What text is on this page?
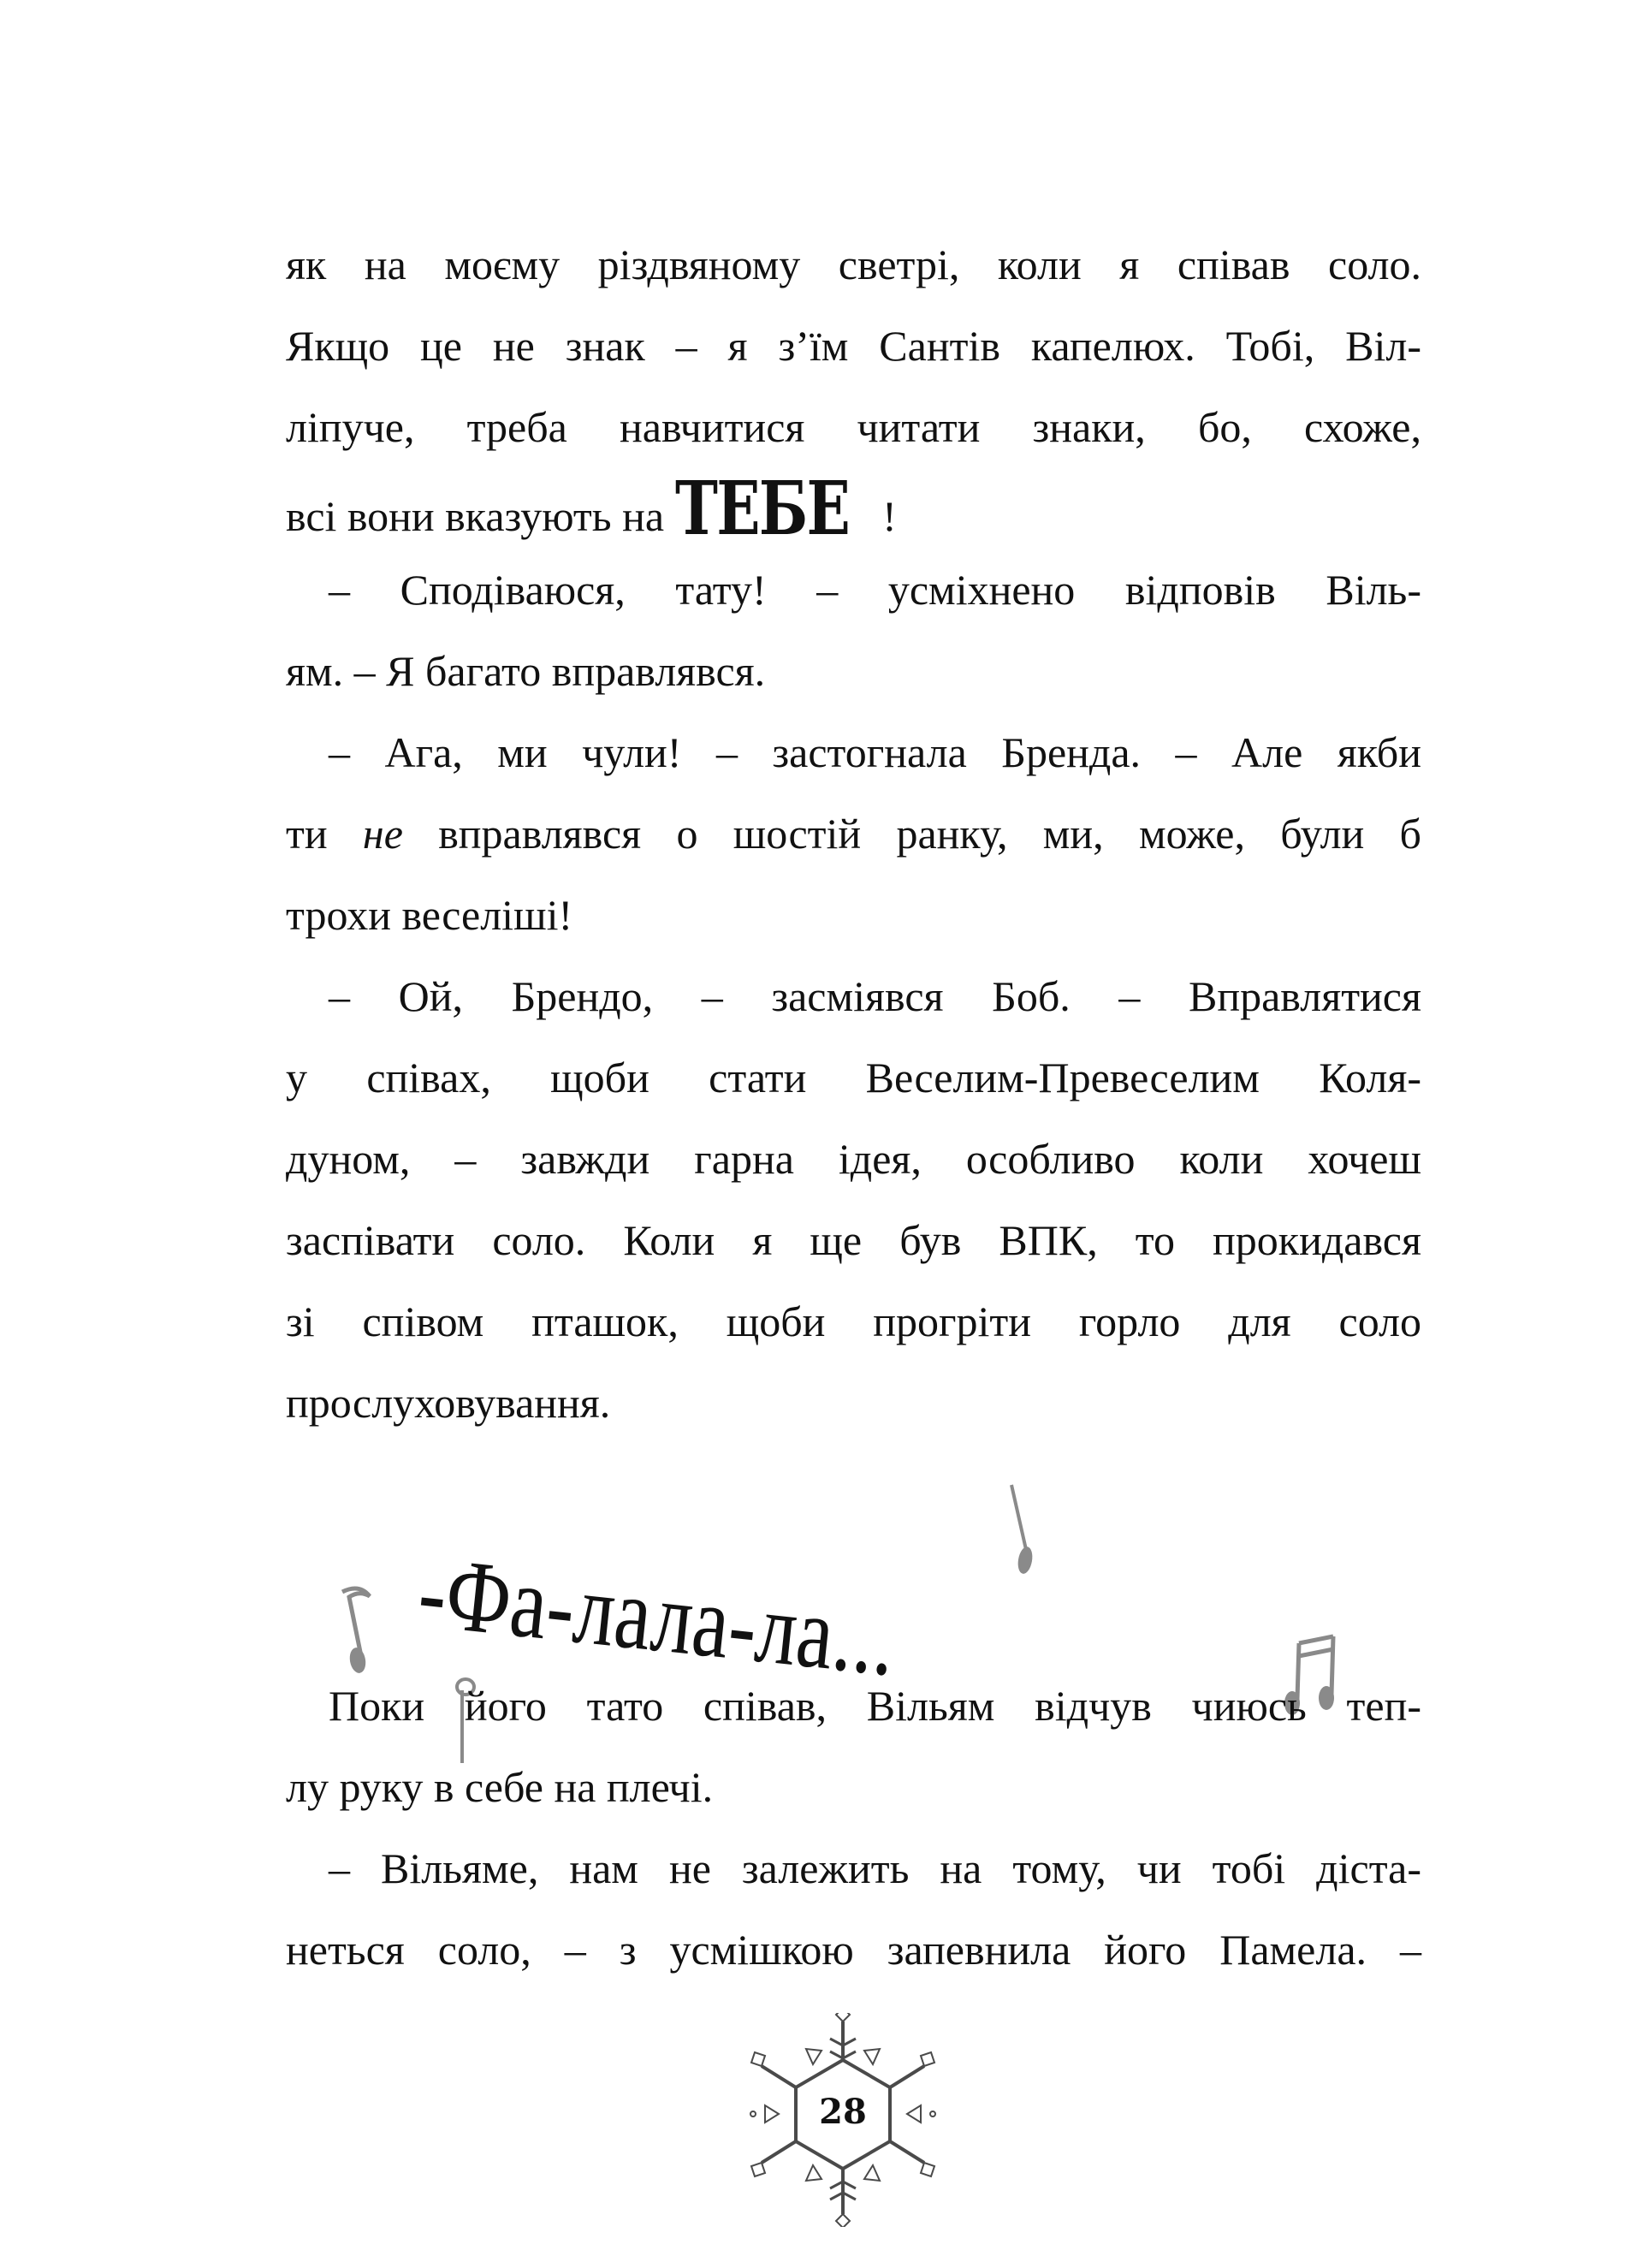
як на моєму різдвяному светрі, коли я співав соло.
Якщо це не знак – я з’їм Сантів капелюх. Тобі, Віл-
ліпуче, треба навчитися читати знаки, бо, схоже,
всі вони вказують на ТЕБЕ !
– Сподіваюся, тату! – усміхнено відповів Віль-
ям. – Я багато вправлявся.
– Ага, ми чули! – застогнала Бренда. – Але якби
ти не вправлявся о шостій ранку, ми, може, були б
трохи веселіші!
– Ой, Брендо, – засміявся Боб. – Вправлятися
у співах, щоби стати Веселим-Превеселим Коля-
дуном, – завжди гарна ідея, особливо коли хочеш
заспівати соло. Коли я ще був ВПК, то прокидався
зі співом пташок, щоби прогріти горло для соло
прослуховування.
-Фа-лала-ла...
Поки його тато співав, Вільям відчув чиюсь теп-
лу руку в себе на плечі.
– Вільяме, нам не залежить на тому, чи тобі діста-
неться соло, – з усмішкою запевнила його Памела. –
28
